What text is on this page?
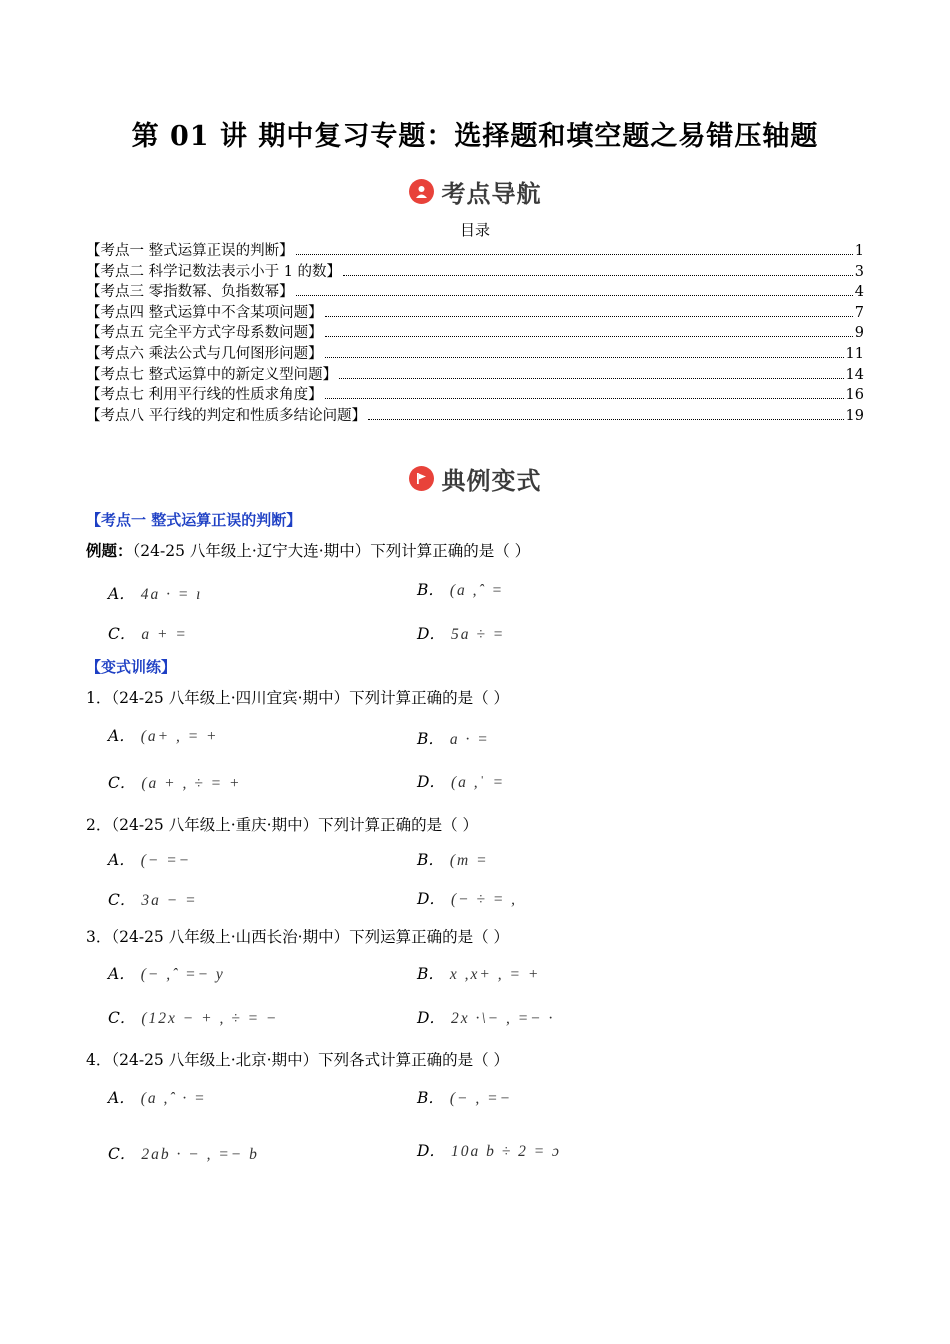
第 01 讲 期中复习专题：选择题和填空题之易错压轴题
考点导航
目录
【考点一 整式运算正误的判断】	1
【考点二 科学记数法表示小于 1 的数】	3
【考点三 零指数幂、负指数幂】	4
【考点四 整式运算中不含某项问题】	7
【考点五 完全平方式字母系数问题】	9
【考点六 乘法公式与几何图形问题】	11
【考点七 整式运算中的新定义型问题】	14
【考点七 利用平行线的性质求角度】	16
【考点八 平行线的判定和性质多结论问题】	19
典例变式
【考点一 整式运算正误的判断】
例题：（24-25 八年级上·辽宁大连·期中）下列计算正确的是（ ）
A． 4a · = ı	B． (a ,ˆ =
C． a + =	D． 5a ÷ =
【变式训练】
1．（24-25 八年级上·四川宜宾·期中）下列计算正确的是（ ）
A． (a+ , = +	B． a · =
C． (a + , ÷ = +	D． (a ,ˈ =
2．（24-25 八年级上·重庆·期中）下列计算正确的是（ ）
A． (− =−	B． (m =
C． 3a − =	D． (− ÷ = ,
3．（24-25 八年级上·山西长治·期中）下列运算正确的是（ ）
A． (− ,ˆ =− y	B． x ,x+ , = +
C． (12x − + , ÷ = −	D． 2x ·\− , =− ·
4．（24-25 八年级上·北京·期中）下列各式计算正确的是（ ）
A． (a ,ˆ · =	B． (− , =−
C． 2ab · − , =− b	D． 10a b ÷ 2 = ɔ
